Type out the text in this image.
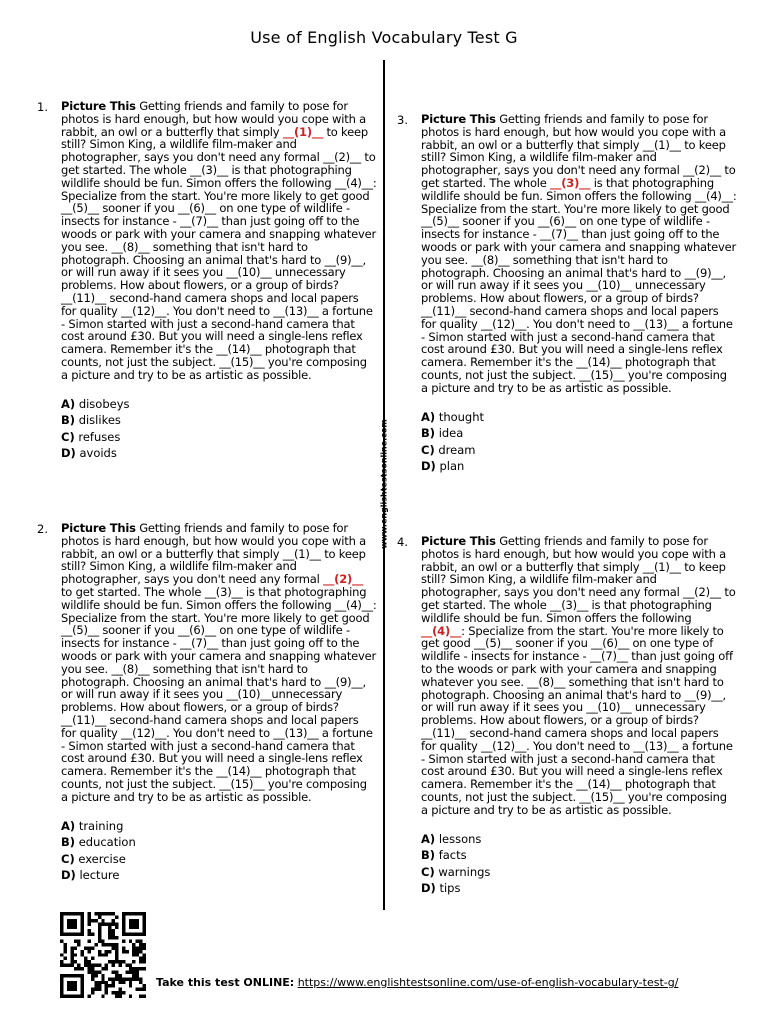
Use of English Vocabulary Test G
www.englishtestsonline.com
1. Picture This Getting friends and family to pose for photos is hard enough, but how would you cope with a rabbit, an owl or a butterfly that simply __(1)__ to keep still? Simon King, a wildlife film-maker and photographer, says you don't need any formal __(2)__ to get started. The whole __(3)__ is that photographing wildlife should be fun. Simon offers the following __(4)__: Specialize from the start. You're more likely to get good __(5)__ sooner if you __(6)__ on one type of wildlife - insects for instance - __(7)__ than just going off to the woods or park with your camera and snapping whatever you see. __(8)__ something that isn't hard to photograph. Choosing an animal that's hard to __(9)__, or will run away if it sees you __(10)__ unnecessary problems. How about flowers, or a group of birds? __(11)__ second-hand camera shops and local papers for quality __(12)__. You don't need to __(13)__ a fortune - Simon started with just a second-hand camera that cost around £30. But you will need a single-lens reflex camera. Remember it's the __(14)__ photograph that counts, not just the subject. __(15)__ you're composing a picture and try to be as artistic as possible.

A) disobeys
B) dislikes
C) refuses
D) avoids
3. Picture This Getting friends and family to pose for photos is hard enough, but how would you cope with a rabbit, an owl or a butterfly that simply __(1)__ to keep still? Simon King, a wildlife film-maker and photographer, says you don't need any formal __(2)__ to get started. The whole __(3)__ is that photographing wildlife should be fun. Simon offers the following __(4)__: Specialize from the start. You're more likely to get good __(5)__ sooner if you __(6)__ on one type of wildlife - insects for instance - __(7)__ than just going off to the woods or park with your camera and snapping whatever you see. __(8)__ something that isn't hard to photograph. Choosing an animal that's hard to __(9)__, or will run away if it sees you __(10)__ unnecessary problems. How about flowers, or a group of birds? __(11)__ second-hand camera shops and local papers for quality __(12)__. You don't need to __(13)__ a fortune - Simon started with just a second-hand camera that cost around £30. But you will need a single-lens reflex camera. Remember it's the __(14)__ photograph that counts, not just the subject. __(15)__ you're composing a picture and try to be as artistic as possible.

A) thought
B) idea
C) dream
D) plan
2. Picture This Getting friends and family to pose for photos is hard enough, but how would you cope with a rabbit, an owl or a butterfly that simply __(1)__ to keep still? Simon King, a wildlife film-maker and photographer, says you don't need any formal __(2)__ to get started. The whole __(3)__ is that photographing wildlife should be fun. Simon offers the following __(4)__: Specialize from the start. You're more likely to get good __(5)__ sooner if you __(6)__ on one type of wildlife - insects for instance - __(7)__ than just going off to the woods or park with your camera and snapping whatever you see. __(8)__ something that isn't hard to photograph. Choosing an animal that's hard to __(9)__, or will run away if it sees you __(10)__unnecessary problems. How about flowers, or a group of birds? __(11)__ second-hand camera shops and local papers for quality __(12)__. You don't need to __(13)__ a fortune - Simon started with just a second-hand camera that cost around £30. But you will need a single-lens reflex camera. Remember it's the __(14)__ photograph that counts, not just the subject. __(15)__ you're composing a picture and try to be as artistic as possible.

A) training
B) education
C) exercise
D) lecture
4. Picture This Getting friends and family to pose for photos is hard enough, but how would you cope with a rabbit, an owl or a butterfly that simply __(1)__ to keep still? Simon King, a wildlife film-maker and photographer, says you don't need any formal __(2)__ to get started. The whole __(3)__ is that photographing wildlife should be fun. Simon offers the following __(4)__: Specialize from the start. You're more likely to get good __(5)__ sooner if you __(6)__ on one type of wildlife - insects for instance - __(7)__ than just going off to the woods or park with your camera and snapping whatever you see. __(8)__ something that isn't hard to photograph. Choosing an animal that's hard to __(9)__, or will run away if it sees you __(10)__ unnecessary problems. How about flowers, or a group of birds? __(11)__ second-hand camera shops and local papers for quality __(12)__. You don't need to __(13)__ a fortune - Simon started with just a second-hand camera that cost around £30. But you will need a single-lens reflex camera. Remember it's the __(14)__ photograph that counts, not just the subject. __(15)__ you're composing a picture and try to be as artistic as possible.

A) lessons
B) facts
C) warnings
D) tips
Take this test ONLINE: https://www.englishtestsonline.com/use-of-english-vocabulary-test-g/
